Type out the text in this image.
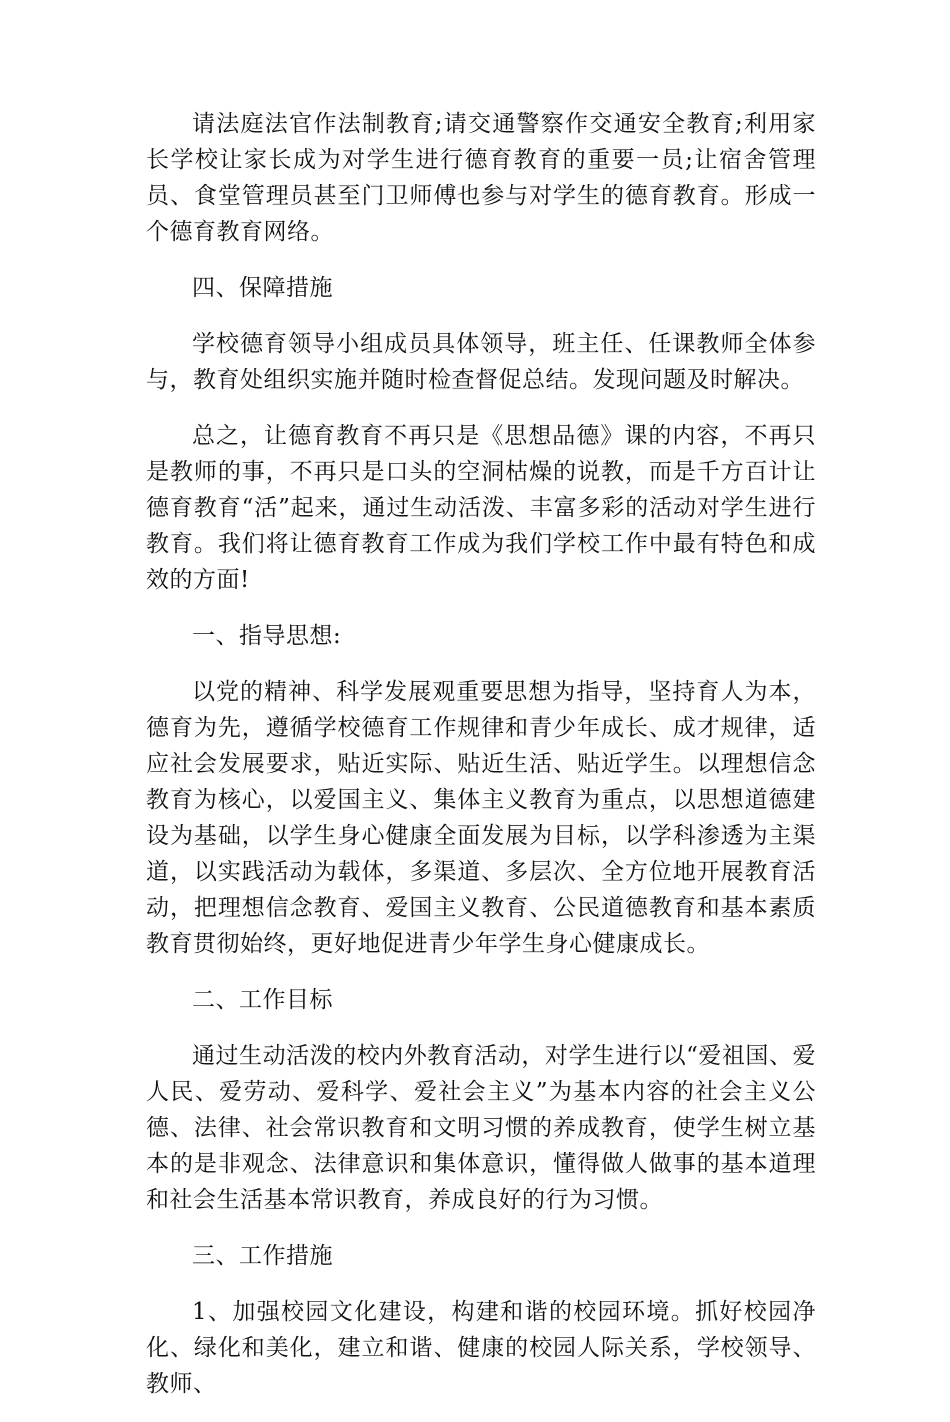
请法庭法官作法制教育;请交通警察作交通安全教育;利用家长学校让家长成为对学生进行德育教育的重要一员;让宿舍管理员、食堂管理员甚至门卫师傅也参与对学生的德育教育。形成一个德育教育网络。

四、保障措施

学校德育领导小组成员具体领导，班主任、任课教师全体参与，教育处组织实施并随时检查督促总结。发现问题及时解决。

总之，让德育教育不再只是《思想品德》课的内容，不再只是教师的事，不再只是口头的空洞枯燥的说教，而是千方百计让德育教育“活”起来，通过生动活泼、丰富多彩的活动对学生进行教育。我们将让德育教育工作成为我们学校工作中最有特色和成效的方面!

一、指导思想:

以党的精神、科学发展观重要思想为指导，坚持育人为本，德育为先，遵循学校德育工作规律和青少年成长、成才规律，适应社会发展要求，贴近实际、贴近生活、贴近学生。以理想信念教育为核心，以爱国主义、集体主义教育为重点，以思想道德建设为基础，以学生身心健康全面发展为目标，以学科渗透为主渠道，以实践活动为载体，多渠道、多层次、全方位地开展教育活动，把理想信念教育、爱国主义教育、公民道德教育和基本素质教育贯彻始终，更好地促进青少年学生身心健康成长。

二、工作目标

通过生动活泼的校内外教育活动，对学生进行以“爱祖国、爱人民、爱劳动、爱科学、爱社会主义”为基本内容的社会主义公德、法律、社会常识教育和文明习惯的养成教育，使学生树立基本的是非观念、法律意识和集体意识，懂得做人做事的基本道理和社会生活基本常识教育，养成良好的行为习惯。

三、工作措施

1、加强校园文化建设，构建和谐的校园环境。抓好校园净化、绿化和美化，建立和谐、健康的校园人际关系，学校领导、教师、
